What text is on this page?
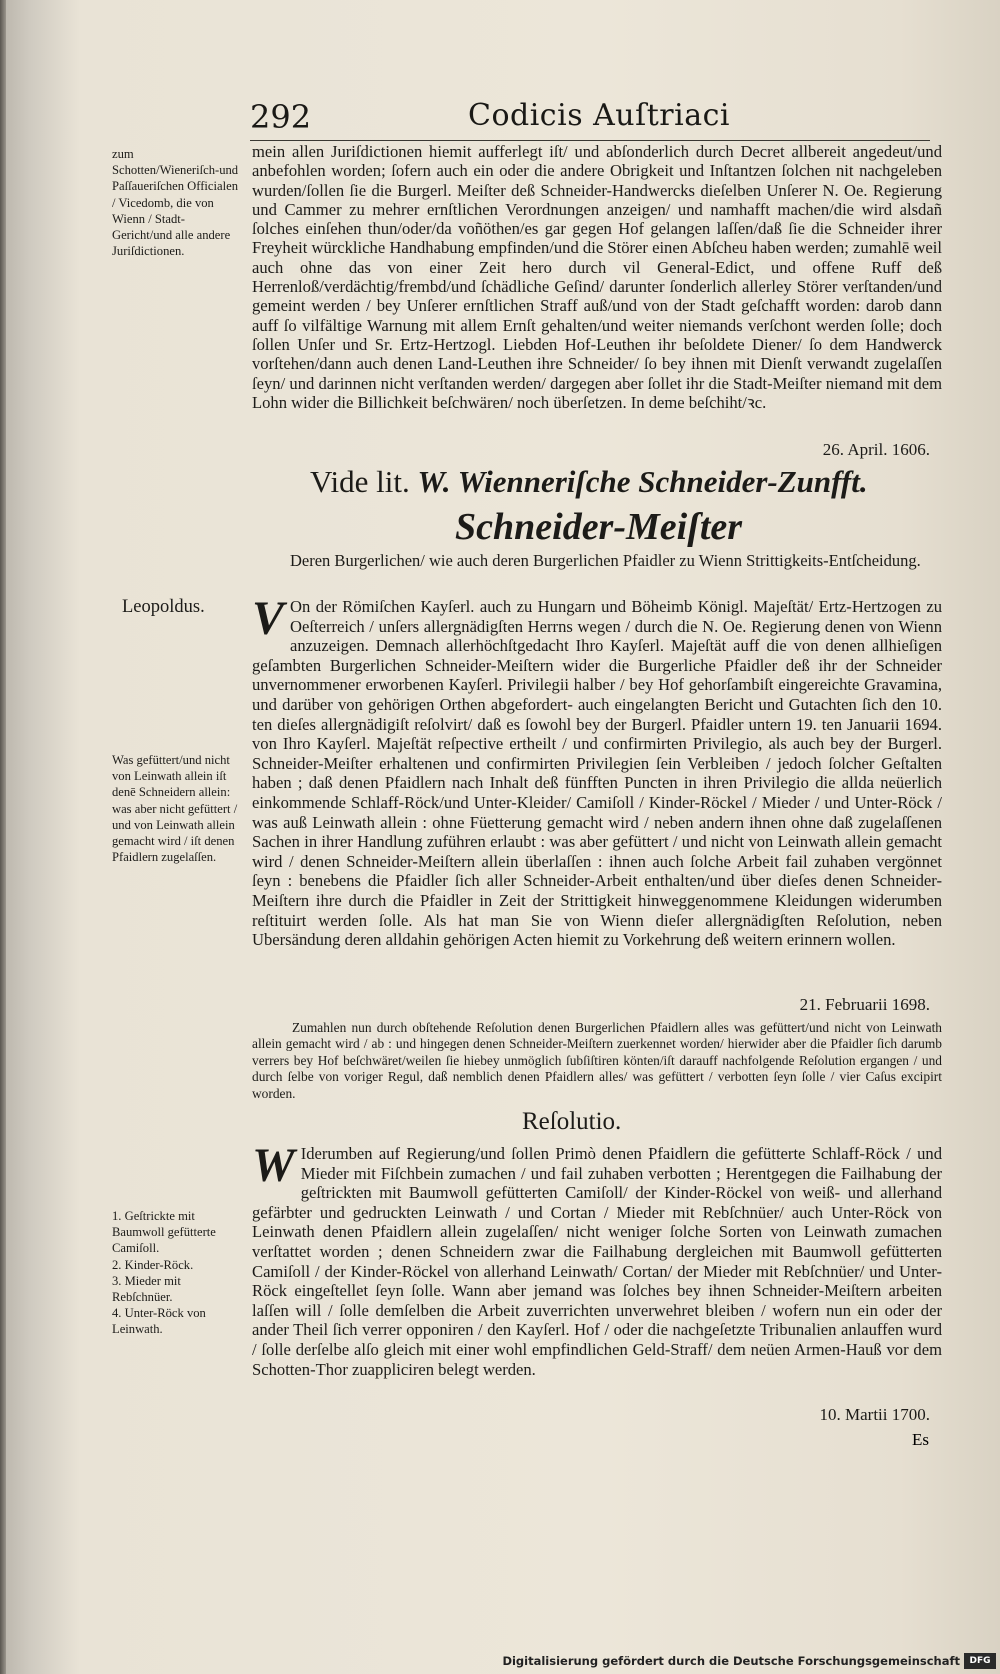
292	Codicis Auſtriaci
zum Schotten/Wieneriſch-und Paſſaueriſchen Officialen / Vicedomb, die von Wienn / Stadt-Gericht/und alle andere Juriſdictionen.
Leopoldus.
Was gefüttert/und nicht von Leinwath allein iſt denē Schneidern allein: was aber nicht gefüttert / und von Leinwath allein gemacht wird / iſt denen Pfaidlern zugelaſſen.
1. Geſtrickte mit Baumwoll gefütterte Camiſoll.
2. Kinder-Röck.
3. Mieder mit Rebſchnüer.
4. Unter-Röck von Leinwath.
mein allen Juriſdictionen hiemit aufferlegt iſt/ und abſonderlich durch Decret allbereit angedeut/und anbefohlen worden; ſofern auch ein oder die andere Obrigkeit und Inſtantzen ſolchen nit nachgeleben wurden/ſollen ſie die Burgerl. Meiſter deß Schneider-Handwercks dieſelben Unſerer N. Oe. Regierung und Cammer zu mehrer ernſtlichen Verordnungen anzeigen/ und namhafft machen/die wird alsdañ ſolches einſehen thun/oder/da voñöthen/es gar gegen Hof gelangen laſſen/daß ſie die Schneider ihrer Freyheit würckliche Handhabung empfinden/und die Störer einen Abſcheu haben werden; zumahlē weil auch ohne das von einer Zeit hero durch vil General-Edict, und offene Ruff deß Herrenloß/verdächtig/frembd/und ſchädliche Geſind/ darunter ſonderlich allerley Störer verſtanden/und gemeint werden / bey Unſerer ernſtlichen Straff auß/und von der Stadt geſchafft worden: darob dann auff ſo vilfältige Warnung mit allem Ernſt gehalten/und weiter niemands verſchont werden ſolle; doch ſollen Unſer und Sr. Ertz-Hertzogl. Liebden Hof-Leuthen ihr beſoldete Diener/ ſo dem Handwerck vorſtehen/dann auch denen Land-Leuthen ihre Schneider/ ſo bey ihnen mit Dienſt verwandt zugelaſſen ſeyn/ und darinnen nicht verſtanden werden/ dargegen aber ſollet ihr die Stadt-Meiſter niemand mit dem Lohn wider die Billichkeit beſchwären/ noch überſetzen. In deme beſchiht/ꝛc.
26. April. 1606.
Vide lit. W. Wienneriſche Schneider-Zunfft.
Schneider-Meiſter
Deren Burgerlichen/ wie auch deren Burgerlichen Pfaidler zu Wienn Strittigkeits-Entſcheidung.
V On der Römiſchen Kayſerl. auch zu Hungarn und Böheimb Königl. Majeſtät/ Ertz-Hertzogen zu Oeſterreich / unſers allergnädigſten Herrns wegen / durch die N. Oe. Regierung denen von Wienn anzuzeigen. Demnach allerhöchſtgedacht Ihro Kayſerl. Majeſtät auff die von denen allhieſigen geſambten Burgerlichen Schneider-Meiſtern wider die Burgerliche Pfaidler deß ihr der Schneider unvernommener erworbenen Kayſerl. Privilegii halber / bey Hof gehorſambiſt eingereichte Gravamina, und darüber von gehörigen Orthen abgefordert- auch eingelangten Bericht und Gutachten ſich den 10. ten dieſes allergnädigiſt reſolvirt/ daß es ſowohl bey der Burgerl. Pfaidler untern 19. ten Januarii 1694. von Ihro Kayſerl. Majeſtät reſpective ertheilt / und confirmirten Privilegio, als auch bey der Burgerl. Schneider-Meiſter erhaltenen und confirmirten Privilegien ſein Verbleiben / jedoch ſolcher Geſtalten haben ; daß denen Pfaidlern nach Inhalt deß fünfften Puncten in ihren Privilegio die allda neüerlich einkommende Schlaff-Röck/und Unter-Kleider/ Camiſoll / Kinder-Röckel / Mieder / und Unter-Röck / was auß Leinwath allein : ohne Füetterung gemacht wird / neben andern ihnen ohne daß zugelaſſenen Sachen in ihrer Handlung zuführen erlaubt : was aber gefüttert / und nicht von Leinwath allein gemacht wird / denen Schneider-Meiſtern allein überlaſſen : ihnen auch ſolche Arbeit fail zuhaben vergönnet ſeyn : benebens die Pfaidler ſich aller Schneider-Arbeit enthalten/und über dieſes denen Schneider-Meiſtern ihre durch die Pfaidler in Zeit der Strittigkeit hinweggenommene Kleidungen widerumben reſtituirt werden ſolle. Als hat man Sie von Wienn dieſer allergnädigſten Reſolution, neben Ubersändung deren alldahin gehörigen Acten hiemit zu Vorkehrung deß weitern erinnern wollen.
21. Februarii 1698.
Zumahlen nun durch obſtehende Reſolution denen Burgerlichen Pfaidlern alles was gefüttert/und nicht von Leinwath allein gemacht wird / ab : und hingegen denen Schneider-Meiſtern zuerkennet worden/ hierwider aber die Pfaidler ſich darumb verrers bey Hof beſchwäret/weilen ſie hiebey unmöglich ſubſiſtiren könten/iſt darauff nachfolgende Reſolution ergangen / und durch ſelbe von voriger Regul, daß nemblich denen Pfaidlern alles/ was gefüttert / verbotten ſeyn ſolle / vier Caſus excipirt worden.
Reſolutio.
W Iderumben auf Regierung/und ſollen Primò denen Pfaidlern die gefütterte Schlaff-Röck / und Mieder mit Fiſchbein zumachen / und fail zuhaben verbotten ; Herentgegen die Failhabung der geſtrickten mit Baumwoll gefütterten Camiſoll/ der Kinder-Röckel von weiß- und allerhand gefärbter und gedruckten Leinwath / und Cortan / Mieder mit Rebſchnüer/ auch Unter-Röck von Leinwath denen Pfaidlern allein zugelaſſen/ nicht weniger ſolche Sorten von Leinwath zumachen verſtattet worden ; denen Schneidern zwar die Failhabung dergleichen mit Baumwoll gefütterten Camiſoll / der Kinder-Röckel von allerhand Leinwath/ Cortan/ der Mieder mit Rebſchnüer/ und Unter-Röck eingeſtellet ſeyn ſolle. Wann aber jemand was ſolches bey ihnen Schneider-Meiſtern arbeiten laſſen will / ſolle demſelben die Arbeit zuverrichten unverwehret bleiben / wofern nun ein oder der ander Theil ſich verrer opponiren / den Kayſerl. Hof / oder die nachgeſetzte Tribunalien anlauffen wurd / ſolle derſelbe alſo gleich mit einer wohl empfindlichen Geld-Straff/ dem neüen Armen-Hauß vor dem Schotten-Thor zuappliciren belegt werden.
10. Martii 1700.
Es
Digitalisierung gefördert durch die Deutsche Forschungsgemeinschaft	DFG
